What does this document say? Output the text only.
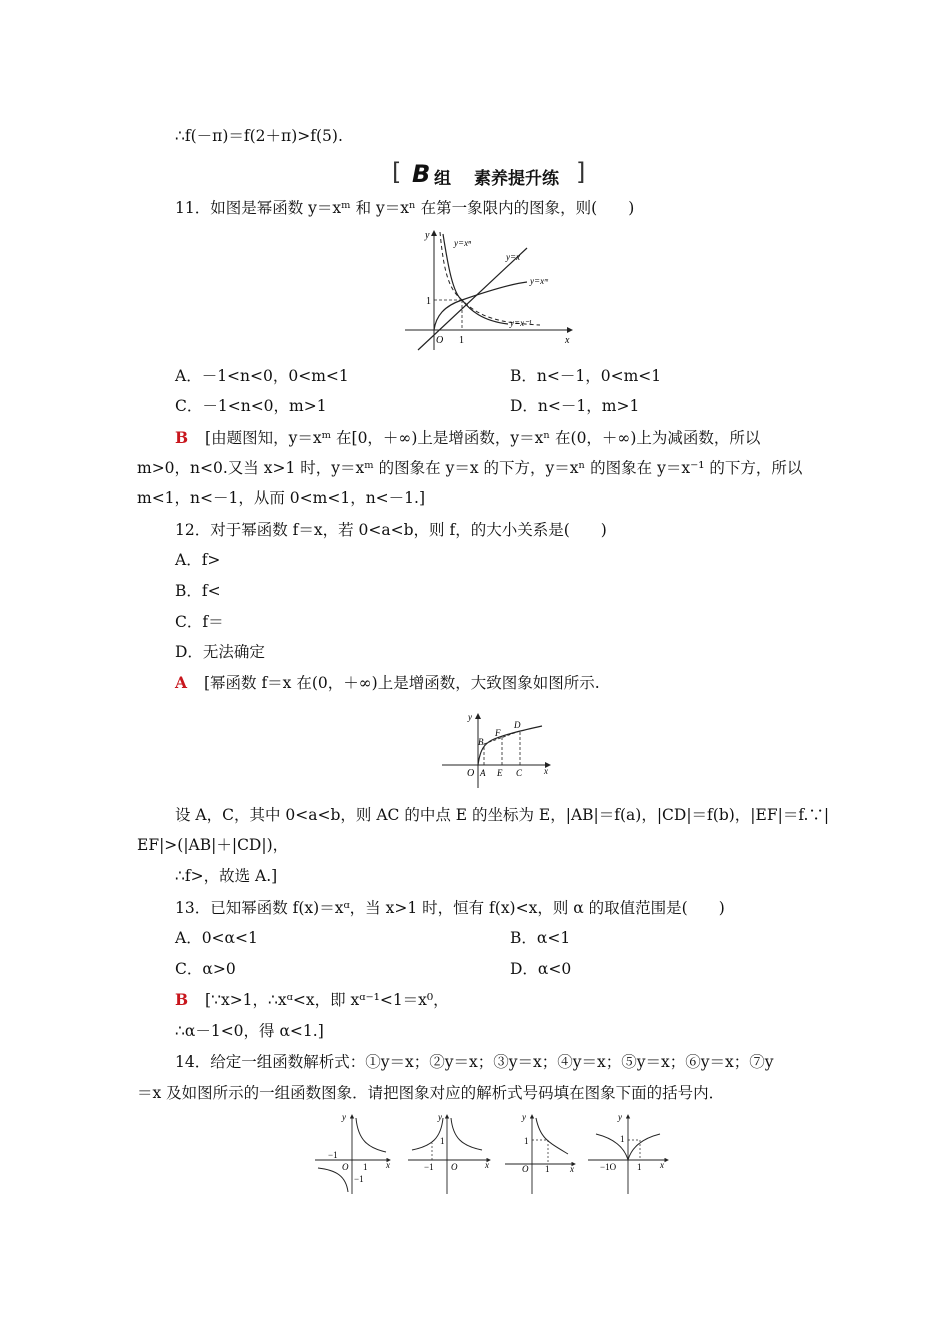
∴f(－π)＝f(2＋π)>f(5).
[ B 组 素养提升练 ]
11．如图是幂函数 y＝xᵐ 和 y＝xⁿ 在第一象限内的图象，则(　　)
y
x
O 1
1
y=xⁿ
y=x
y=xᵐ
y=x⁻¹
A．－1<n<0，0<m<1	B．n<－1，0<m<1
C．－1<n<0，m>1	D．n<－1，m>1
B [由题图知，y＝xᵐ 在[0，＋∞)上是增函数，y＝xⁿ 在(0，＋∞)上为减函数，所以
m>0，n<0.又当 x>1 时，y＝xᵐ 的图象在 y＝x 的下方，y＝xⁿ 的图象在 y＝x⁻¹ 的下方，所以
m<1，n<－1，从而 0<m<1，n<－1.]
12．对于幂函数 f＝x，若 0<a<b，则 f，的大小关系是(　　)
A．f>
B．f<
C．f＝
D．无法确定
A [幂函数 f＝x 在(0，＋∞)上是增函数，大致图象如图所示.
y
x
O A E C
B
F
D
设 A，C，其中 0<a<b，则 AC 的中点 E 的坐标为 E，|AB|＝f(a)，|CD|＝f(b)，|EF|＝f.∵|
EF|>(|AB|＋|CD|)，
∴f>，故选 A.]
13．已知幂函数 f(x)＝xᵅ，当 x>1 时，恒有 f(x)<x，则 α 的取值范围是(　　)
A．0<α<1	B．α<1
C．α>0	D．α<0
B [∵x>1，∴xᵅ<x，即 xᵅ⁻¹<1＝x⁰，
∴α－1<0，得 α<1.]
14．给定一组函数解析式：①y＝x；②y＝x；③y＝x；④y＝x；⑤y＝x；⑥y＝x；⑦y
＝x 及如图所示的一组函数图象．请把图象对应的解析式号码填在图象下面的括号内．
y
x
O 1
−1
−1
y
x
O
−1
1
y
x
O 1
1
y
x
−1O 1
1
